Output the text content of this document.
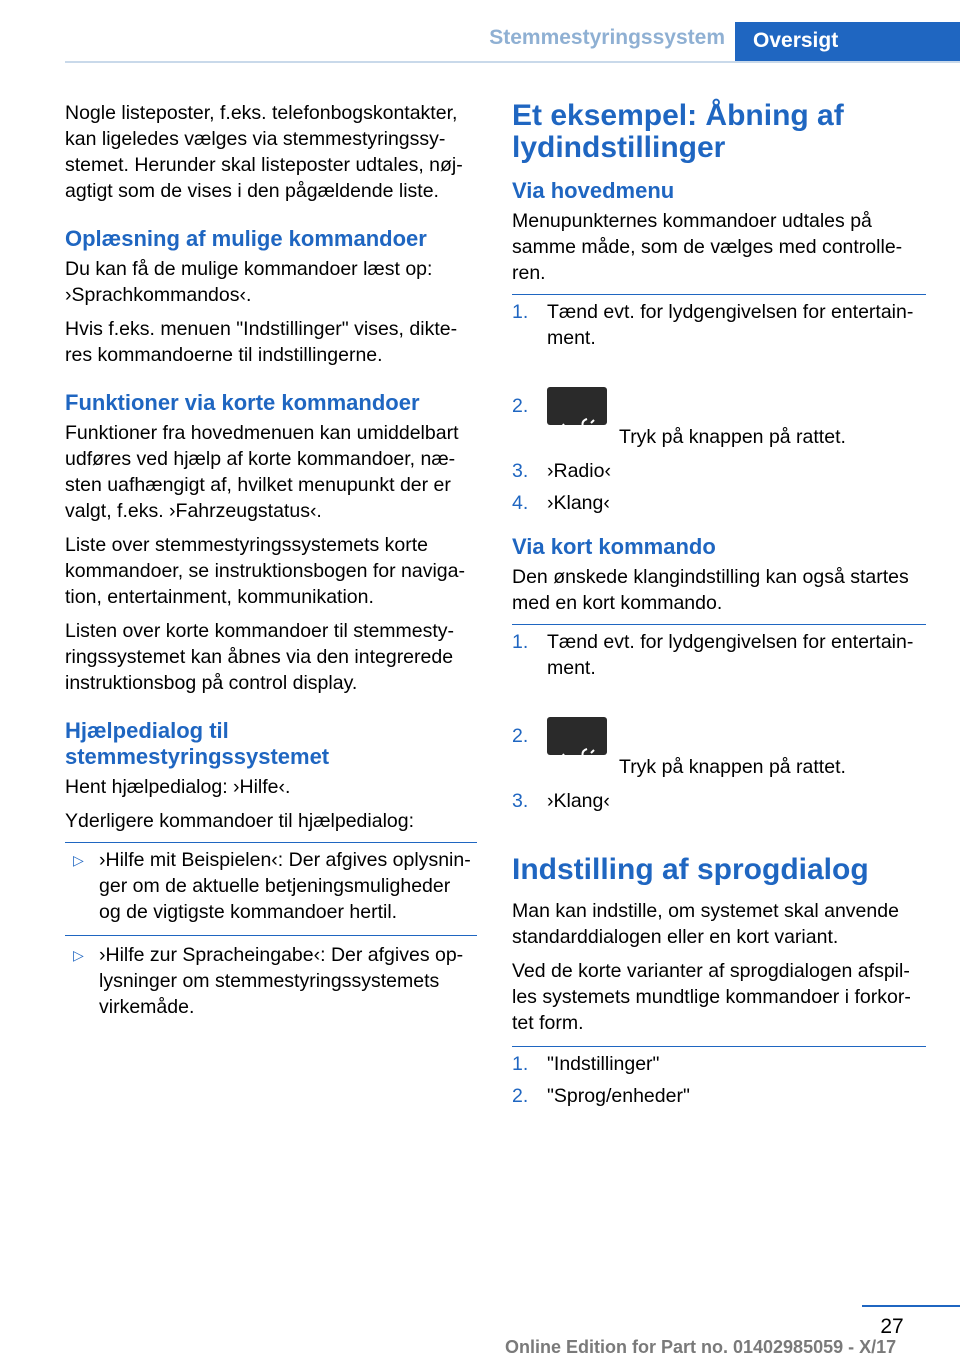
Stemmestyringssystem	Oversigt

Nogle listeposter, f.eks. telefonbogskontakter,
kan ligeledes vælges via stemmestyringssy-
stemet. Herunder skal listeposter udtales, nøj-
agtigt som de vises i den pågældende liste.

Oplæsning af mulige kommandoer

Du kan få de mulige kommandoer læst op:
›Sprachkommandos‹.

Hvis f.eks. menuen "Indstillinger" vises, dikte-
res kommandoerne til indstillingerne.

Funktioner via korte kommandoer

Funktioner fra hovedmenuen kan umiddelbart
udføres ved hjælp af korte kommandoer, næ-
sten uafhængigt af, hvilket menupunkt der er
valgt, f.eks. ›Fahrzeugstatus‹.

Liste over stemmestyringssystemets korte
kommandoer, se instruktionsbogen for naviga-
tion, entertainment, kommunikation.

Listen over korte kommandoer til stemmesty-
ringssystemet kan åbnes via den integrerede
instruktionsbog på control display.

Hjælpedialog til
stemmestyringssystemet

Hent hjælpedialog: ›Hilfe‹.

Yderligere kommandoer til hjælpedialog:

▷ ›Hilfe mit Beispielen‹: Der afgives oplysnin-
ger om de aktuelle betjeningsmuligheder
og de vigtigste kommandoer hertil.
▷ ›Hilfe zur Spracheingabe‹: Der afgives op-
lysninger om stemmestyringssystemets
virkemåde.
Et eksempel: Åbning af
lydindstillinger
Via hovedmenu

Menupunkternes kommandoer udtales på
samme måde, som de vælges med controlle-
ren.

1. Tænd evt. for lydgengivelsen for entertain-
ment.
2.

Tryk på knappen på rattet.

3. ›Radio‹
4. ›Klang‹
Via kort kommando

Den ønskede klangindstilling kan også startes
med en kort kommando.

1. Tænd evt. for lydgengivelsen for entertain-
ment.
2.

Tryk på knappen på rattet.

3. ›Klang‹
Indstilling af sprogdialog

Man kan indstille, om systemet skal anvende
standarddialogen eller en kort variant.

Ved de korte varianter af sprogdialogen afspil-
les systemets mundtlige kommandoer i forkor-
tet form.

1. "Indstillinger"
2. "Sprog/enheder"
27
Online Edition for Part no. 01402985059 - X/17
